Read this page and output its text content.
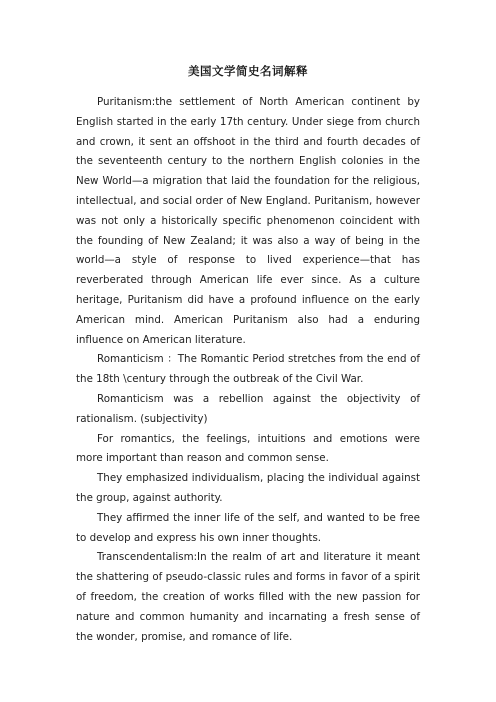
美国文学简史名词解释

Puritanism:the settlement of North American continent by English started in the early 17th century. Under siege from church and crown, it sent an offshoot in the third and fourth decades of the seventeenth century to the northern English colonies in the New World—a migration that laid the foundation for the religious, intellectual, and social order of New England. Puritanism, however was not only a historically specific phenomenon coincident with the founding of New Zealand; it was also a way of being in the world—a style of response to lived experience—that has reverberated through American life ever since. As a culture heritage, Puritanism did have a profound influence on the early American mind. American Puritanism also had a enduring influence on American literature.

Romanticism ：The Romantic Period stretches from the end of the 18th \century through the outbreak of the Civil War.

Romanticism was a rebellion against the objectivity of rationalism. (subjectivity)

For romantics, the feelings, intuitions and emotions were more important than reason and common sense.

They emphasized individualism, placing the individual against the group, against authority.

They affirmed the inner life of the self, and wanted to be free to develop and express his own inner thoughts.

Transcendentalism:In the realm of art and literature it meant the shattering of pseudo-classic rules and forms in favor of a spirit of freedom, the creation of works filled with the new passion for nature and common humanity and incarnating a fresh sense of the wonder, promise, and romance of life.
